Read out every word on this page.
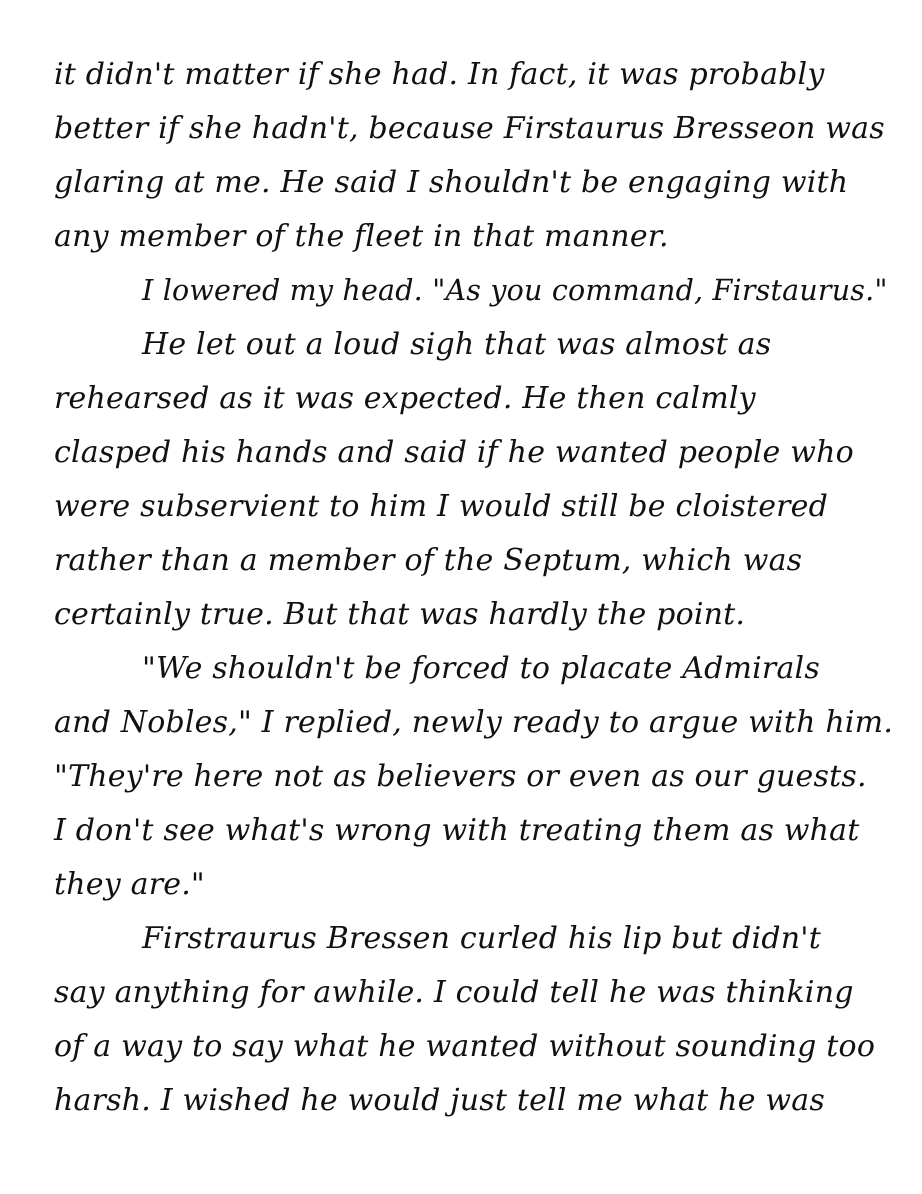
it didn't matter if she had. In fact, it was probably
better if she hadn't, because Firstaurus Bresseon was
glaring at me. He said I shouldn't be engaging with
any member of the fleet in that manner.
I lowered my head. "As you command, Firstaurus."
He let out a loud sigh that was almost as
rehearsed as it was expected. He then calmly
clasped his hands and said if he wanted people who
were subservient to him I would still be cloistered
rather than a member of the Septum, which was
certainly true. But that was hardly the point.
"We shouldn't be forced to placate Admirals
and Nobles," I replied, newly ready to argue with him.
"They're here not as believers or even as our guests.
I don't see what's wrong with treating them as what
they are."
Firstraurus Bressen curled his lip but didn't
say anything for awhile. I could tell he was thinking
of a way to say what he wanted without sounding too
harsh. I wished he would just tell me what he was
